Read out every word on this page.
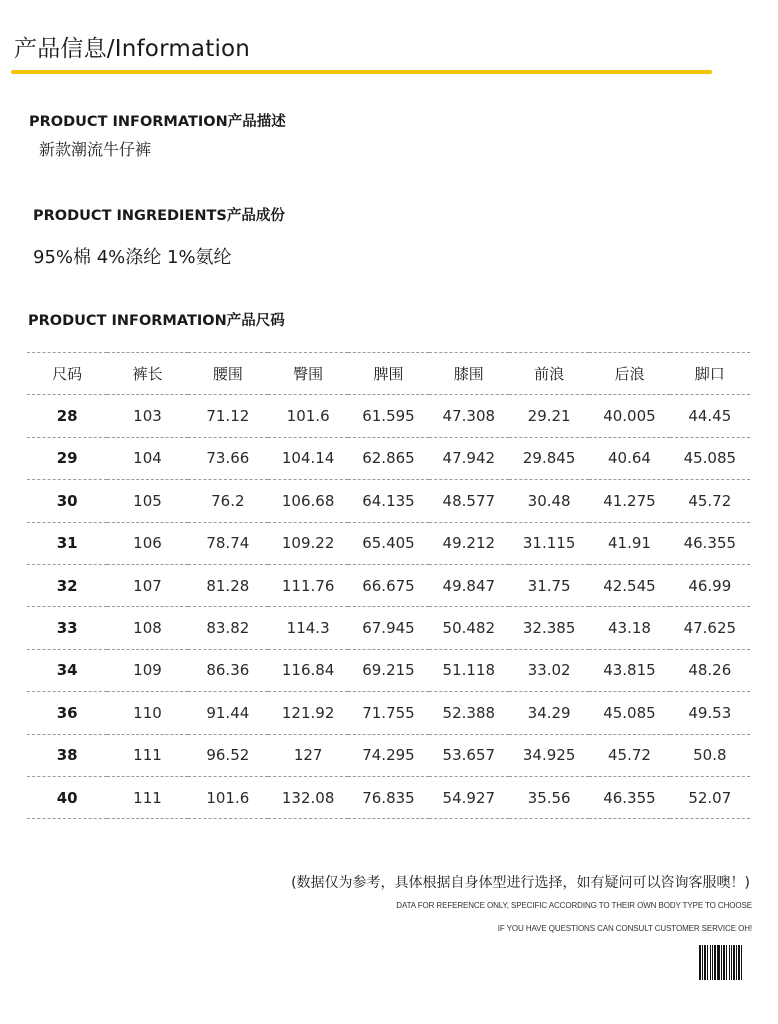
产品信息/Information
PRODUCT INFORMATION产品描述
新款潮流牛仔裤
PRODUCT INGREDIENTS产品成份
95%棉 4%涤纶 1%氨纶
PRODUCT INFORMATION产品尺码
尺码	裤长	腰围	臀围	脾围	膝围	前浪	后浪	脚口
28	103	71.12	101.6	61.595	47.308	29.21	40.005	44.45
29	104	73.66	104.14	62.865	47.942	29.845	40.64	45.085
30	105	76.2	106.68	64.135	48.577	30.48	41.275	45.72
31	106	78.74	109.22	65.405	49.212	31.115	41.91	46.355
32	107	81.28	111.76	66.675	49.847	31.75	42.545	46.99
33	108	83.82	114.3	67.945	50.482	32.385	43.18	47.625
34	109	86.36	116.84	69.215	51.118	33.02	43.815	48.26
36	110	91.44	121.92	71.755	52.388	34.29	45.085	49.53
38	111	96.52	127	74.295	53.657	34.925	45.72	50.8
40	111	101.6	132.08	76.835	54.927	35.56	46.355	52.07
(数据仅为参考，具体根据自身体型进行选择，如有疑问可以咨询客服噢！)
DATA FOR REFERENCE ONLY, SPECIFIC ACCORDING TO THEIR OWN BODY TYPE TO CHOOSE
IF YOU HAVE QUESTIONS CAN CONSULT CUSTOMER SERVICE OH!
